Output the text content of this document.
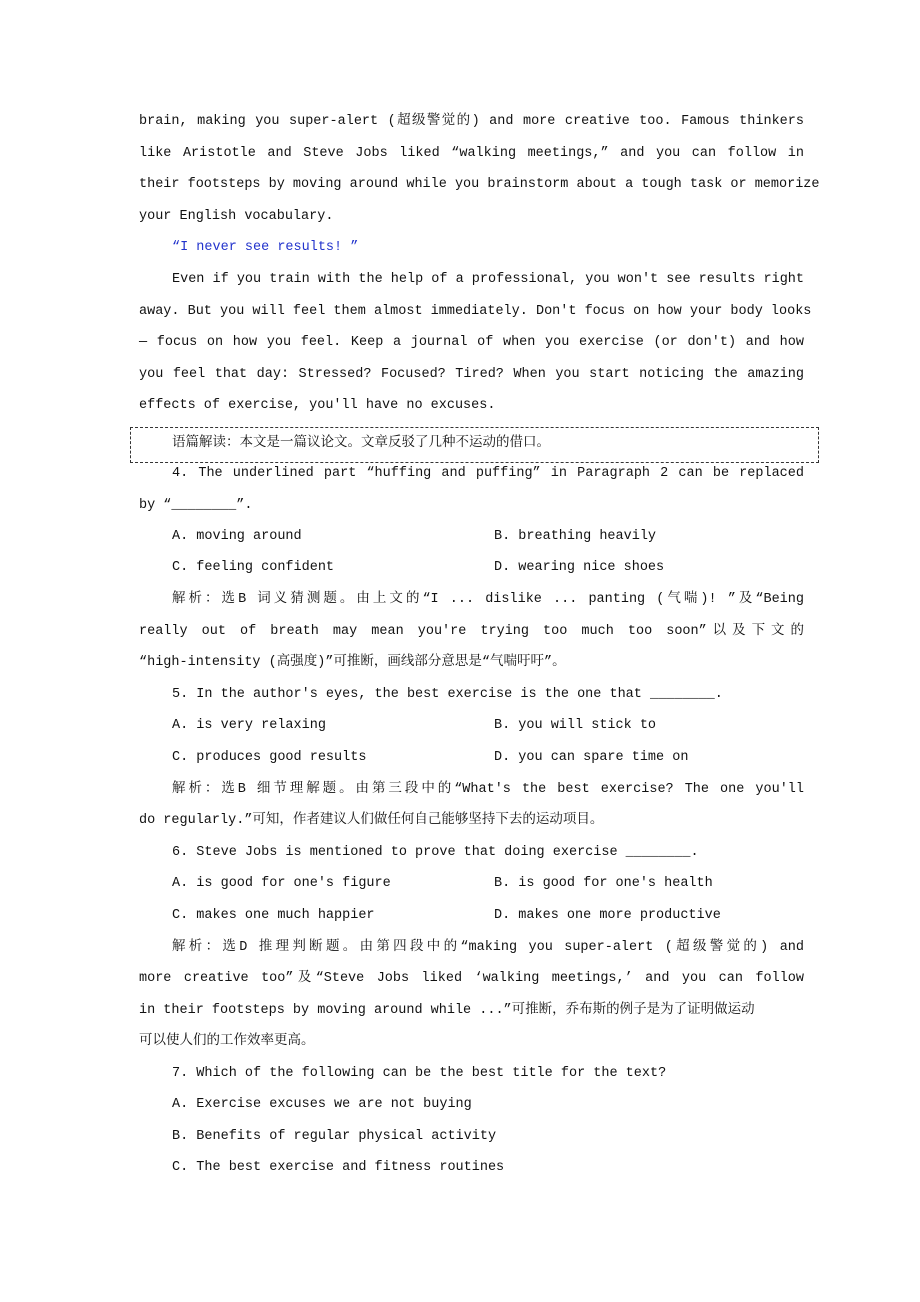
brain, making you super-alert (超级警觉的) and more creative too. Famous thinkers
like Aristotle and Steve Jobs liked “walking meetings,” and you can follow in
their footsteps by moving around while you brainstorm about a tough task or memorize
your English vocabulary.
“I never see results! ”
Even if you train with the help of a professional, you won't see results right
away. But you will feel them almost immediately. Don't focus on how your body looks
— focus on how you feel. Keep a journal of when you exercise (or don't) and how
you feel that day: Stressed? Focused? Tired? When you start noticing the amazing
effects of exercise, you'll have no excuses.
语篇解读：本文是一篇议论文。文章反驳了几种不运动的借口。
4. The underlined part “huffing and puffing” in Paragraph 2 can be replaced
by “________”.
A. moving around	B. breathing heavily
C. feeling confident	D. wearing nice shoes
解析：选B 词义猜测题。由上文的“I ... dislike ... panting (气喘)! ”及“Being
really out of breath may mean you're trying too much too soon”以及下文的
“high-intensity (高强度)”可推断，画线部分意思是“气喘吁吁”。
5. In the author's eyes, the best exercise is the one that ________.
A. is very relaxing	B. you will stick to
C. produces good results	D. you can spare time on
解析：选B 细节理解题。由第三段中的“What's the best exercise? The one you'll
do regularly.”可知，作者建议人们做任何自己能够坚持下去的运动项目。
6. Steve Jobs is mentioned to prove that doing exercise ________.
A. is good for one's figure	B. is good for one's health
C. makes one much happier	D. makes one more productive
解析：选D 推理判断题。由第四段中的“making you super-alert (超级警觉的) and
more creative too”及“Steve Jobs liked ‘walking meetings,’ and you can follow
in their footsteps by moving around while ...”可推断，乔布斯的例子是为了证明做运动
可以使人们的工作效率更高。
7. Which of the following can be the best title for the text?
A. Exercise excuses we are not buying
B. Benefits of regular physical activity
C. The best exercise and fitness routines
